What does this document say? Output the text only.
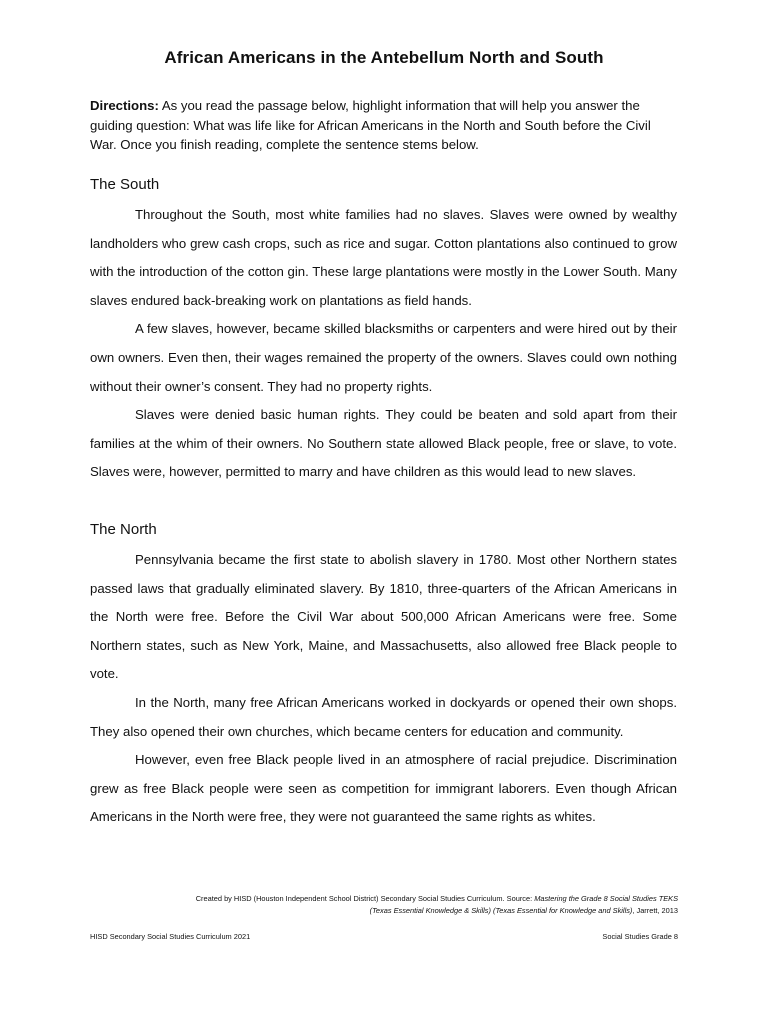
African Americans in the Antebellum North and South
Directions: As you read the passage below, highlight information that will help you answer the guiding question: What was life like for African Americans in the North and South before the Civil War. Once you finish reading, complete the sentence stems below.
The South

Throughout the South, most white families had no slaves. Slaves were owned by wealthy landholders who grew cash crops, such as rice and sugar. Cotton plantations also continued to grow with the introduction of the cotton gin. These large plantations were mostly in the Lower South. Many slaves endured back-breaking work on plantations as field hands.

A few slaves, however, became skilled blacksmiths or carpenters and were hired out by their own owners. Even then, their wages remained the property of the owners. Slaves could own nothing without their owner’s consent. They had no property rights.

Slaves were denied basic human rights. They could be beaten and sold apart from their families at the whim of their owners. No Southern state allowed Black people, free or slave, to vote. Slaves were, however, permitted to marry and have children as this would lead to new slaves.

The North

Pennsylvania became the first state to abolish slavery in 1780. Most other Northern states passed laws that gradually eliminated slavery. By 1810, three-quarters of the African Americans in the North were free. Before the Civil War about 500,000 African Americans were free. Some Northern states, such as New York, Maine, and Massachusetts, also allowed free Black people to vote.

In the North, many free African Americans worked in dockyards or opened their own shops. They also opened their own churches, which became centers for education and community.

However, even free Black people lived in an atmosphere of racial prejudice. Discrimination grew as free Black people were seen as competition for immigrant laborers. Even though African Americans in the North were free, they were not guaranteed the same rights as whites.

Created by HISD (Houston Independent School District) Secondary Social Studies Curriculum. Source: Mastering the Grade 8 Social Studies TEKS
(Texas Essential Knowledge & Skills) (Texas Essential for Knowledge and Skills), Jarrett, 2013
HISD Secondary Social Studies Curriculum 2021	Social Studies Grade 8
